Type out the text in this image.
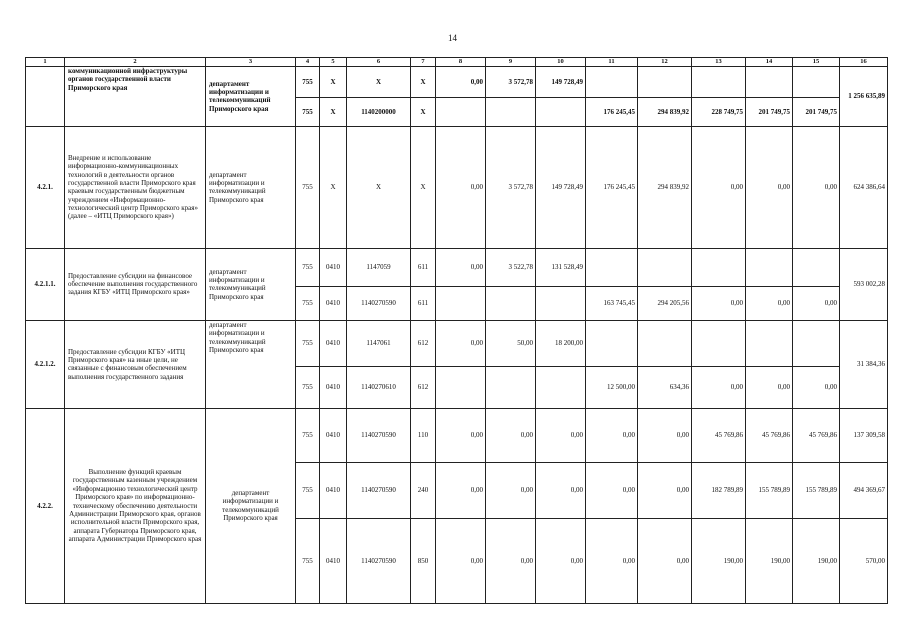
14
1	2	3	4	5	6	7	8	9	10	11	12	13	14	15	16
	коммуникационной инфраструктуры органов государственной власти Приморского края	департамент информатизации и телекоммуникаций Приморского края	755	X	X	X	0,00	3 572,78	149 728,49						1 256 635,89
			755	X	1140200000	X				176 245,45	294 839,92	228 749,75	201 749,75	201 749,75	
4.2.1.	Внедрение и использование информационно-коммуникационных технологий в деятельности органов государственной власти Приморского края краевым государственным бюджетным учреждением «Информационно-технологический центр Приморского края» (далее – «ИТЦ Приморского края»)	департамент информатизации и телекоммуникаций Приморского края	755	X	X	X	0,00	3 572,78	149 728,49	176 245,45	294 839,92	0,00	0,00	0,00	624 386,64
4.2.1.1.	Предоставление субсидии на финансовое обеспечение выполнения государственного задания КГБУ «ИТЦ Приморского края»	департамент информатизации и телекоммуникаций Приморского края	755	0410	1147059	611	0,00	3 522,78	131 528,49						593 002,28
			755	0410	1140270590	611				163 745,45	294 205,56	0,00	0,00	0,00	
4.2.1.2.	Предоставление субсидии КГБУ «ИТЦ Приморского края» на иные цели, не связанные с финансовым обеспечением выполнения государственного задания	департамент информатизации и телекоммуникаций Приморского края	755	0410	1147061	612	0,00	50,00	18 200,00						31 384,36
			755	0410	1140270610	612				12 500,00	634,36	0,00	0,00	0,00	
4.2.2.	Выполнение функций краевым государственным казенным учреждением «Информационно технологический центр Приморского края» по информационно-техническому обеспечению деятельности Администрации Приморского края, органов исполнительной власти Приморского края, аппарата Губернатора Приморского края, аппарата Администрации Приморского края	департамент информатизации и телекоммуникаций Приморского края	755	0410	1140270590	110	0,00	0,00	0,00	0,00	0,00	45 769,86	45 769,86	45 769,86	137 309,58
			755	0410	1140270590	240	0,00	0,00	0,00	0,00	0,00	182 789,89	155 789,89	155 789,89	494 369,67
			755	0410	1140270590	850	0,00	0,00	0,00	0,00	0,00	190,00	190,00	190,00	570,00
